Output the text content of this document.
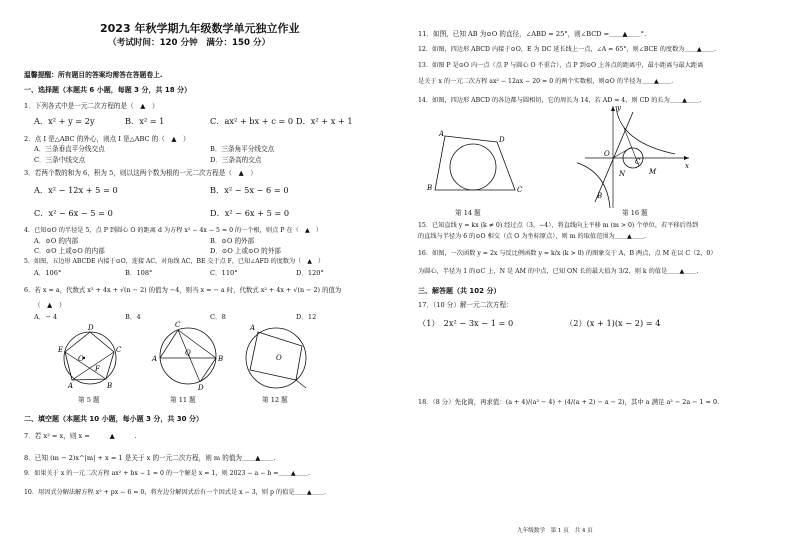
2023 年秋学期九年级数学单元独立作业
（考试时间：120 分钟　满分：150 分）
温馨提醒：所有题目的答案均需答在答题卷上.
一、选择题（本题共 6 小题，每题 3 分，共 18 分）
1．下列各式中是一元二次方程的是（　▲　）
A．x² + y = 2y	B．x² = 1	C．ax² + bx + c = 0 D．x² + x + 1
2．点 I 是△ABC 的外心，则点 I 是△ABC 的（　▲　）
A．三条垂直平分线交点	B．三条角平分线交点
C．三条中线交点	D．三条高的交点
3．若两个数的和为 6，积为 5，则以这两个数为根的一元二次方程是（　▲　）
A．x² − 12x + 5 = 0	B．x² − 5x − 6 = 0
C．x² − 6x − 5 = 0	D．x² − 6x + 5 = 0
4．已知⊙O 的半径是 5，点 P 到圆心 O 的距离 d 为方程 x² − 4x − 5 = 0 的一个根，则点 P 在（　▲　）
A．⊙O 的内部	B．⊙O 的外部
C．⊙O 上或⊙O 的内部	D．⊙O 上或⊙O 的外部
5．如图，五边形 ABCDE 内接于⊙O，连接 AC，对角线 AC，BE 交于点 F，已知∠AFD 的度数为（　▲　）
A．106°	B．108°	C．110°	D．120°
6．若 x = a，代数式 x² + 4x + √(n − 2) 的值为 −4，则当 x = − a 时，代数式 x² + 4x + √(n − 2) 的值为
（　▲　）
A．− 4	B．4	C．8	D．12
A	B
C
D
E
F
O
第 5 题
A	B
C
D
Q
第 11 题
O
A
第 12 题
二、填空题（本题共 10 小题，每小题 3 分，共 30 分）
7．若 x² = x，则 x =　　　▲　　　.
8．已知 (m − 2)x^|m| + x = 1 是关于 x 的一元二次方程，则 m 的值为＿＿▲＿＿.
9．如果关于 x 的一元二次方程 ax² + bx − 1 = 0 的一个解是 x = 1，则 2023 − a − b =＿＿▲＿＿.
10．用因式分解法解方程 x² + px − 6 = 0，将左边分解因式后有一个因式是 x − 3，则 p 的值是＿＿▲＿＿.
11．如图，已知 AB 为⊙O 的直径，∠ABD = 25°，则∠BCD =＿＿▲＿＿°.
12．如图，四边形 ABCD 内接于⊙O，E 为 DC 延长线上一点，∠A = 65°，则∠BCE 的度数为＿＿▲＿＿.
13．如图 P 是⊙O 内一点（点 P 与圆心 O 不重合），点 P 到⊙O 上各点的距离中，最小距离与最大距离
是关于 x 的一元二次方程 ax² − 12ax − 20 = 0 的两个实数根，则⊙O 的半径为＿＿▲＿＿.
14．如图，四边形 ABCD 的各边都与圆相切，它的周长为 14，若 AD = 4，则 CD 的长为＿＿▲＿＿.
A
B	C
D
第 14 题
y
x
O
N	M
B
C
第 16 题
15．已知直线 y = kx (k ≠ 0) 经过点（3，−4），将直线向上平移 m (m > 0) 个单位，若平移后得到
的直线与半径为 6 的⊙O 相交（点 O 为坐标原点），则 m 的取值范围为＿＿▲＿＿.
16．如图，一次函数 y = 2x 与反比例函数 y = k/x (k > 0) 的图象交于 A，B 两点，点 M 在以 C（2，0）
为圆心，半径为 1 的⊙C 上，N 是 AM 的中点，已知 ON 长的最大值为 3/2，则 k 的值是＿＿▲＿＿.
三、解答题（共 102 分）
17．（10 分）解一元二次方程：
（1）　2x² − 3x − 1 = 0	（2）(x + 1)(x − 2) = 4
18．（8 分）先化简，再求值：(a + 4)/(a² − 4) ÷ (4/(a + 2) − a − 2)，其中 a 满足 a² − 2a − 1 = 0.
九年级数学　第 1 页　共 4 页
